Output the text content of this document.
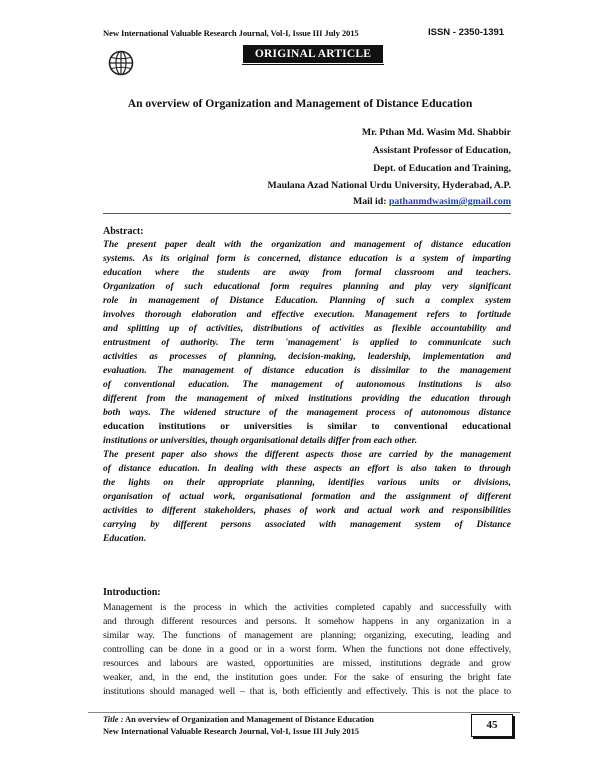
New International Valuable Research Journal, Vol-I, Issue III July 2015	ISSN - 2350-1391
ORIGINAL ARTICLE
An overview of Organization and Management of Distance Education
Mr. Pthan Md. Wasim Md. Shabbir
Assistant Professor of Education,
Dept. of Education and Training,
Maulana Azad National Urdu University, Hyderabad, A.P.
Mail id: pathanmdwasim@gmail.com
Abstract:
The present paper dealt with the organization and management of distance education
systems. As its original form is concerned, distance education is a system of imparting
education where the students are away from formal classroom and teachers.
Organization of such educational form requires planning and play very significant
role in management of Distance Education. Planning of such a complex system
involves thorough elaboration and effective execution. Management refers to fortitude
and splitting up of activities, distributions of activities as flexible accountability and
entrustment of authority. The term 'management' is applied to communicate such
activities as processes of planning, decision-making, leadership, implementation and
evaluation. The management of distance education is dissimilar to the management
of conventional education. The management of autonomous institutions is also
different from the management of mixed institutions providing the education through
both ways. The widened structure of the management process of autonomous distance
education institutions or universities is similar to conventional educational
institutions or universities, though organisational details differ from each other.
The present paper also shows the different aspects those are carried by the management
of distance education. In dealing with these aspects an effort is also taken to through
the lights on their appropriate planning, identifies various units or divisions,
organisation of actual work, organisational formation and the assignment of different
activities to different stakeholders, phases of work and actual work and responsibilities
carrying by different persons associated with management system of Distance
Education.
Introduction:
Management is the process in which the activities completed capably and successfully with
and through different resources and persons. It somehow happens in any organization in a
similar way. The functions of management are planning; organizing, executing, leading and
controlling can be done in a good or in a worst form. When the functions not done effectively,
resources and labours are wasted, opportunities are missed, institutions degrade and grow
weaker, and, in the end, the institution goes under. For the sake of ensuring the bright fate
institutions should managed well – that is, both efficiently and effectively. This is not the place to
Title : An overview of Organization and Management of Distance Education
New International Valuable Research Journal, Vol-I, Issue III July 2015
45
